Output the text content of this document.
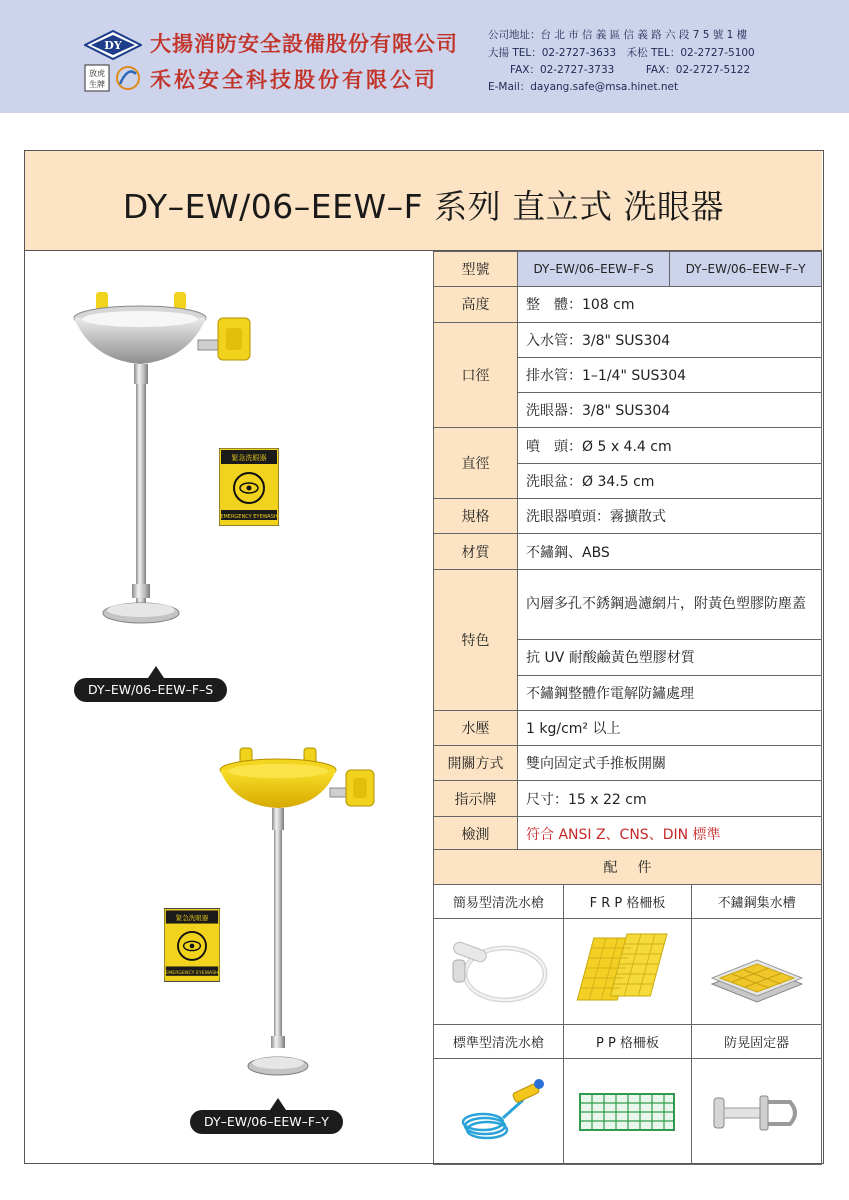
DY
放虎
生牌
大揚消防安全設備股份有限公司
禾松安全科技股份有限公司
公司地址：台 北 市 信 義 區 信 義 路 六 段 7 5 號 1 樓
大揚 TEL：02-2727-3633　禾松 TEL：02-2727-5100
FAX：02-2727-3733　　　FAX：02-2727-5122
E-Mail：dayang.safe@msa.hinet.net
DY–EW/06–EEW–F 系列 直立式 洗眼器
型號	DY–EW/06–EEW–F–S	DY–EW/06–EEW–F–Y
高度	整　體：108 cm	
口徑	入水管：3/8" SUS304	
	排水管：1–1/4" SUS304	
	洗眼器：3/8" SUS304	
直徑	噴　頭：Ø 5 x 4.4 cm	
	洗眼盆：Ø 34.5 cm	
規格	洗眼器噴頭：霧擴散式	
材質	不鏽鋼、ABS	
特色	內層多孔不銹鋼過濾網片，附黃色塑膠防塵蓋	
	抗 UV 耐酸鹼黃色塑膠材質	
	不鏽鋼整體作電解防鏽處理	
水壓	1 kg/cm² 以上	
開關方式	雙向固定式手推板開關	
指示牌	尺寸：15 x 22 cm	
檢測	符合 ANSI Z、CNS、DIN 標準	
配件		
簡易型清洗水槍	F R P 格柵板	不鏽鋼集水槽

標準型清洗水槍	P P 格柵板	防晃固定器

緊急洗眼器
EMERGENCY EYEWASH
DY–EW/06–EEW–F–S
緊急洗眼器
EMERGENCY EYEWASH
DY–EW/06–EEW–F–Y
